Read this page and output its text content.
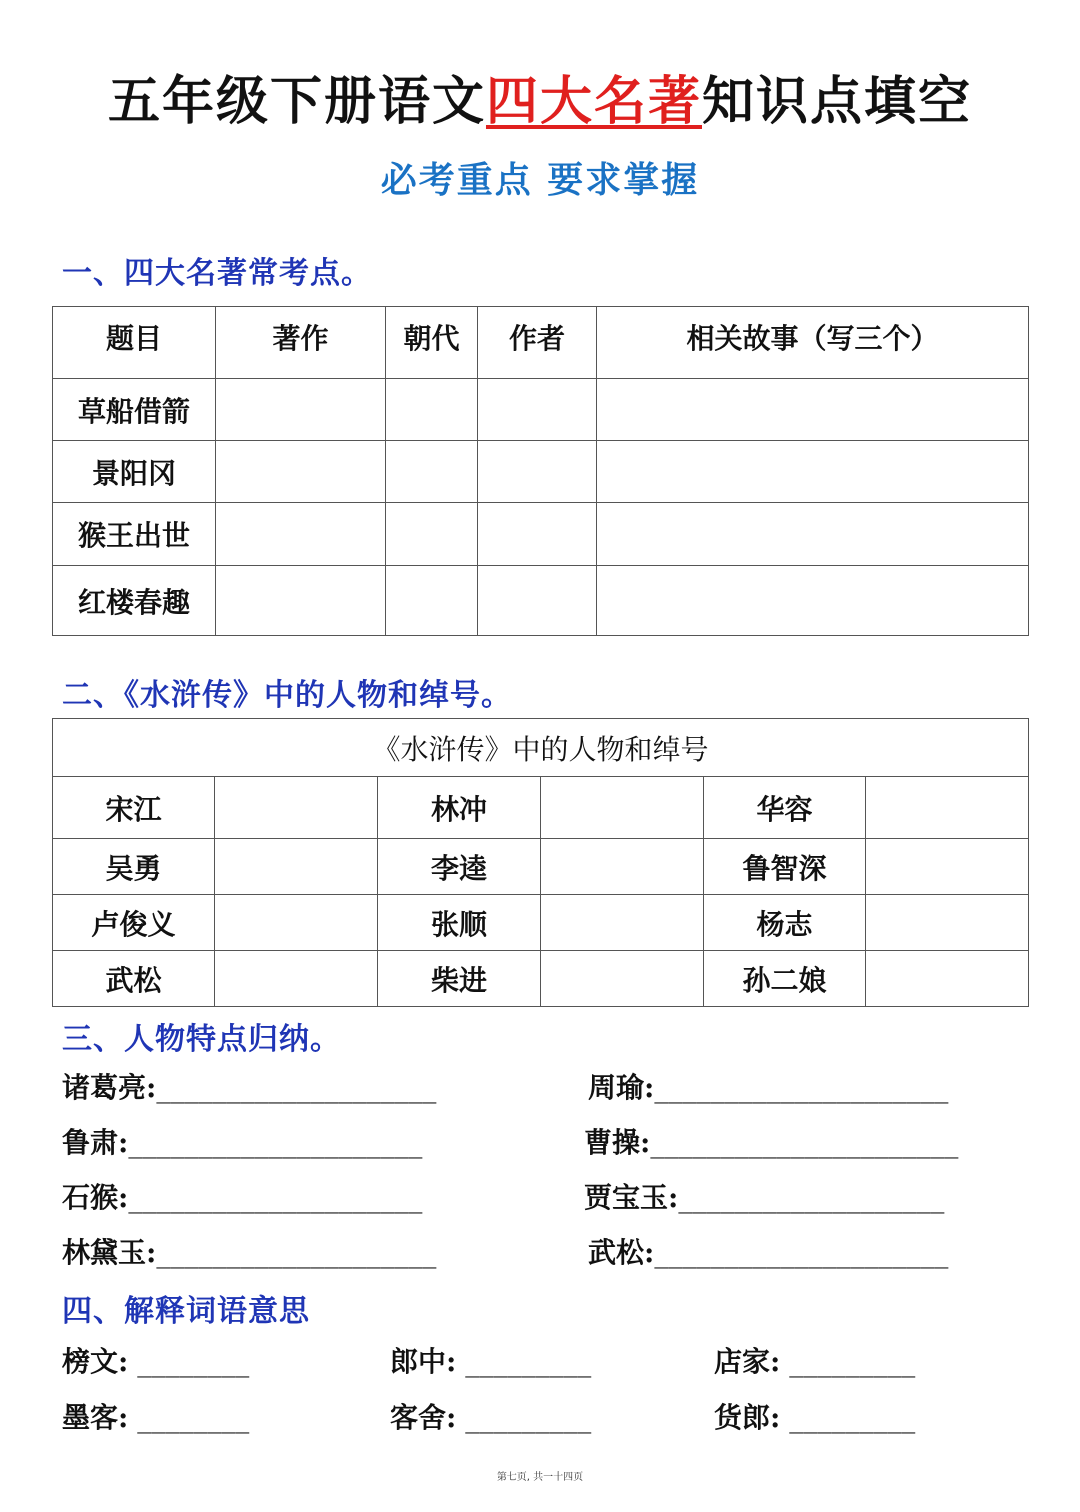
五年级下册语文四大名著知识点填空
必考重点 要求掌握
一、四大名著常考点。
题目	著作	朝代	作者	相关故事（写三个）
草船借箭				
景阳冈				
猴王出世				
红楼春趣				
二、《水浒传》中的人物和绰号。
《水浒传》中的人物和绰号					
宋江		林冲		华容	
吴勇		李逵		鲁智深	
卢俊义		张顺		杨志	
武松		柴进		孙二娘	
三、人物特点归纳。
诸葛亮:____________________	周瑜:_____________________
鲁肃:_____________________	曹操:______________________
石猴:_____________________	贾宝玉:___________________
林黛玉:____________________	武松:_____________________
四、解释词语意思
榜文: ________	郎中: _________	店家: _________
墨客: ________	客舍: _________	货郎: _________
第七页, 共一十四页
